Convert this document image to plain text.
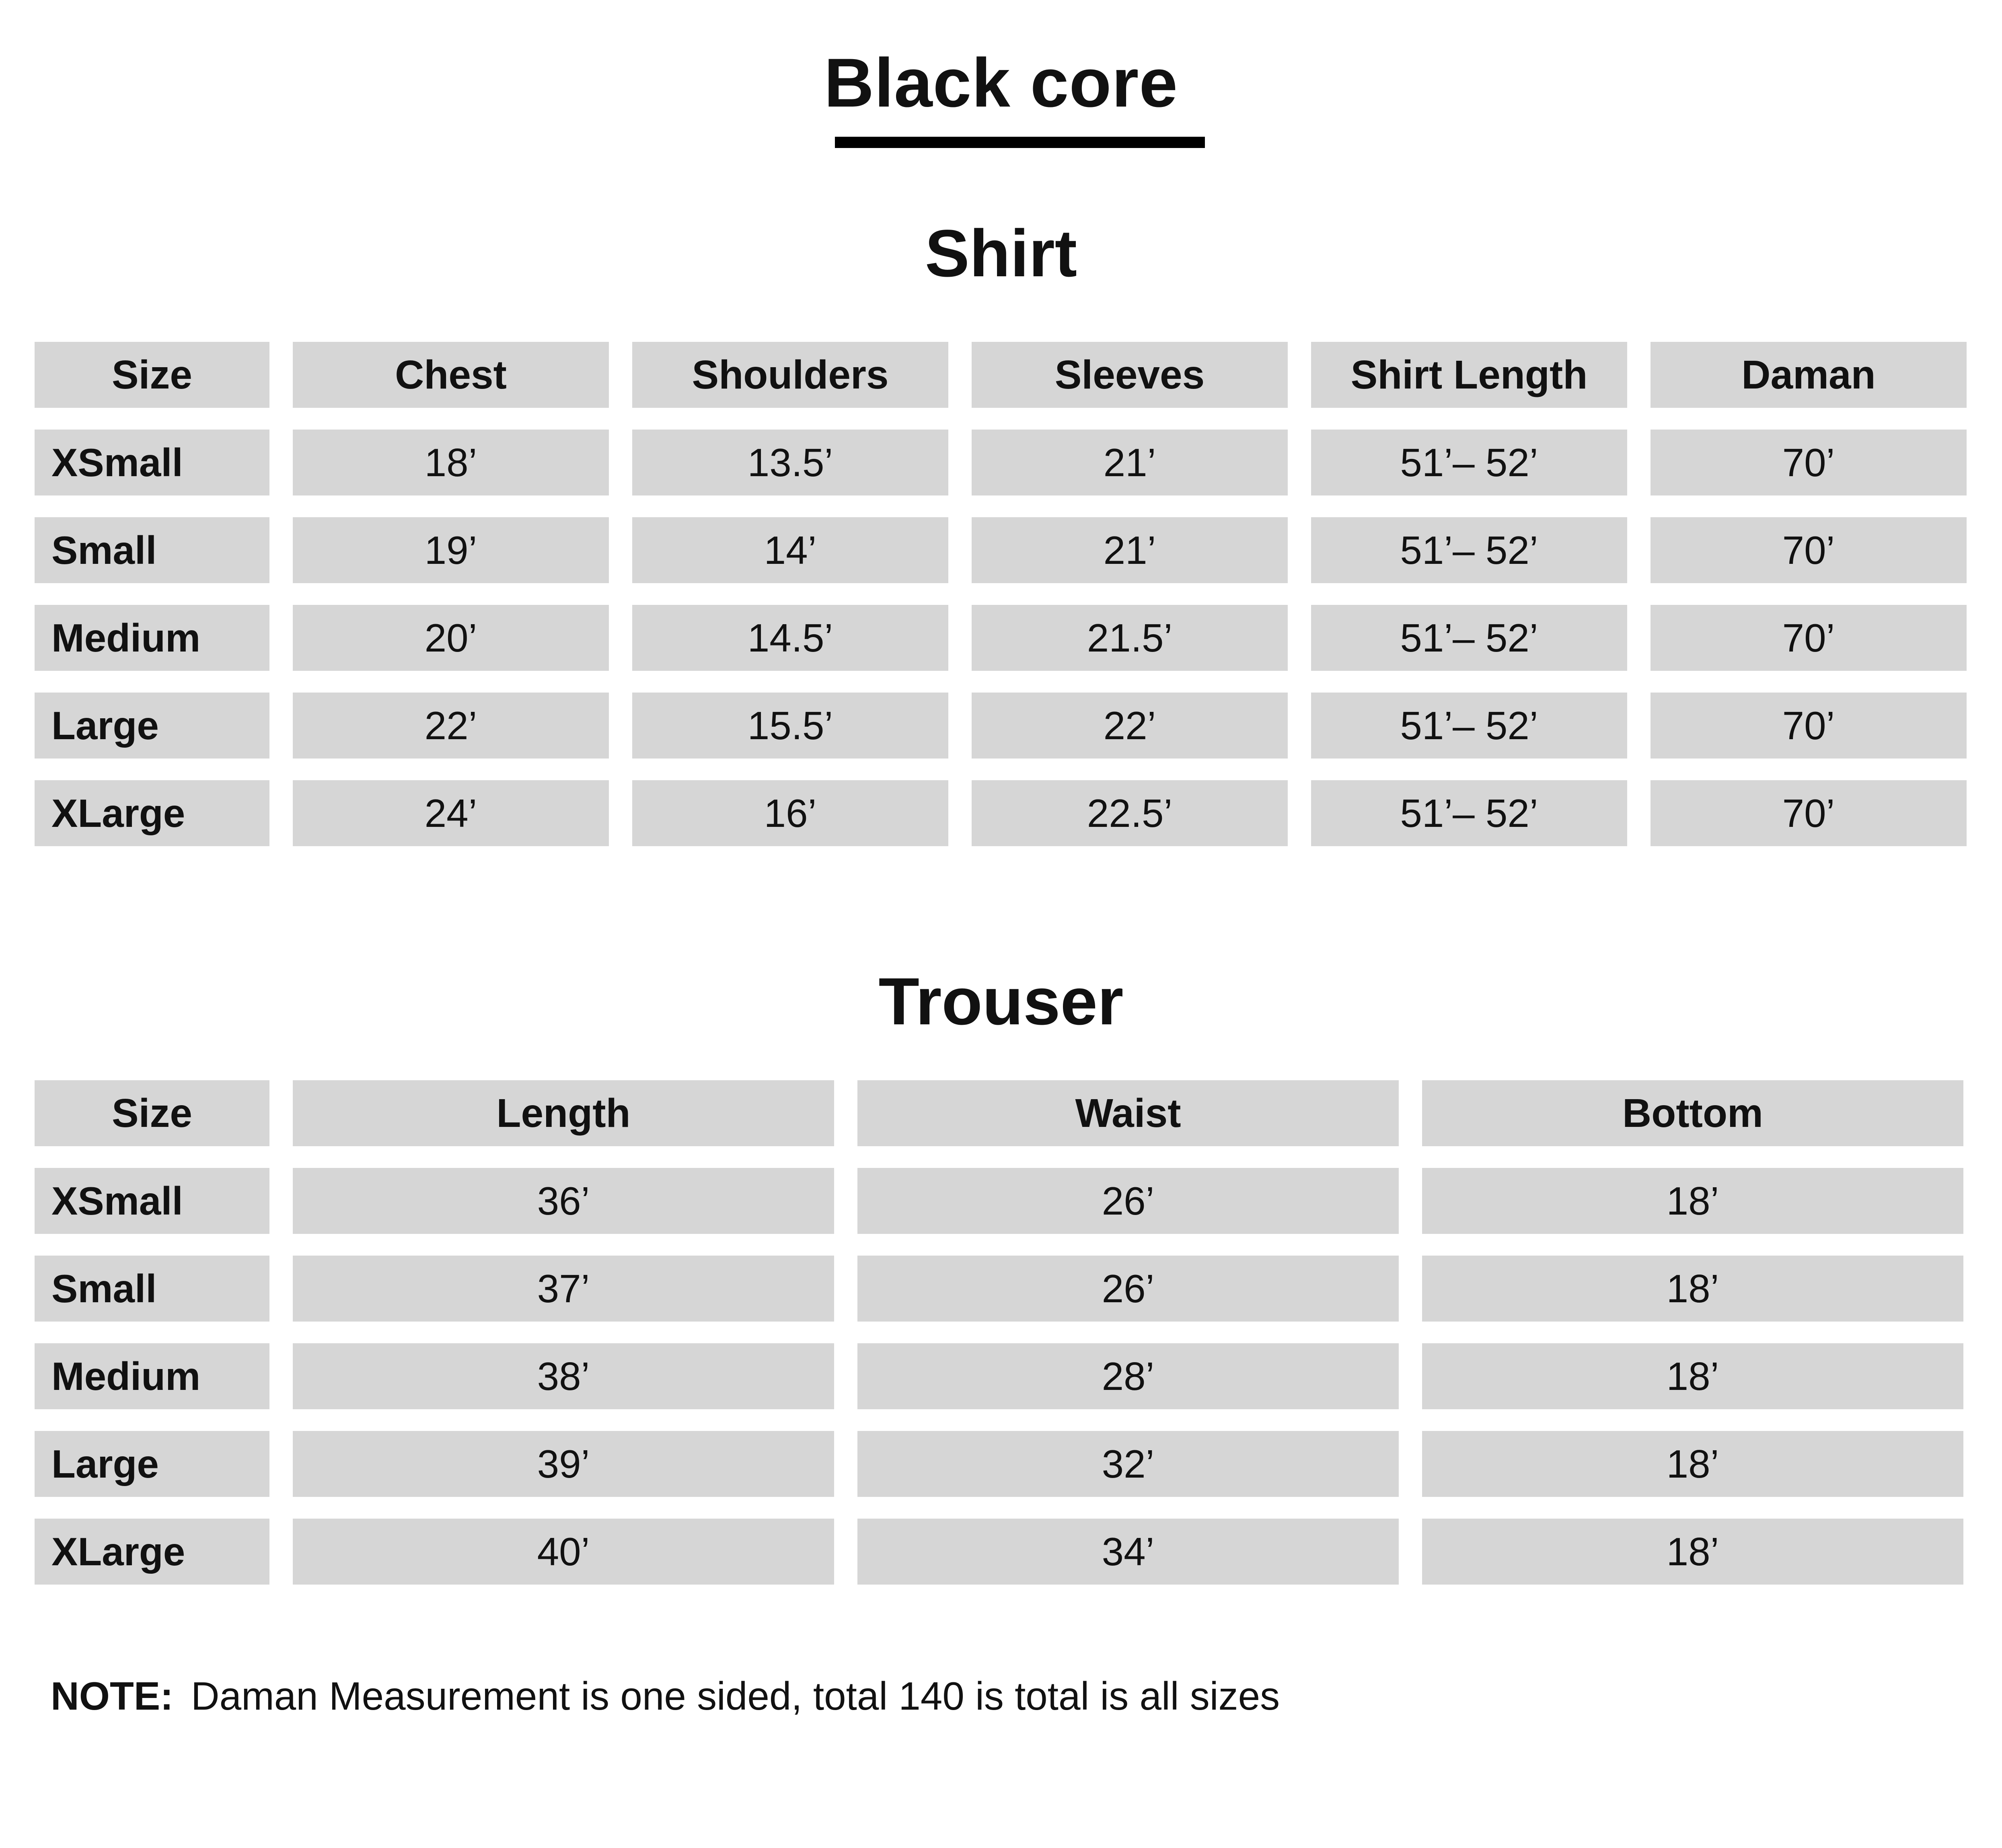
Black core
Shirt
Size	Chest	Shoulders	Sleeves	Shirt Length	Daman
XSmall	18’	13.5’	21’	51’– 52’	70’
Small	19’	14’	21’	51’– 52’	70’
Medium	20’	14.5’	21.5’	51’– 52’	70’
Large	22’	15.5’	22’	51’– 52’	70’
XLarge	24’	16’	22.5’	51’– 52’	70’
Trouser
Size	Length	Waist	Bottom
XSmall	36’	26’	18’
Small	37’	26’	18’
Medium	38’	28’	18’
Large	39’	32’	18’
XLarge	40’	34’	18’
NOTE: Daman Measurement is one sided, total 140 is total is all sizes
